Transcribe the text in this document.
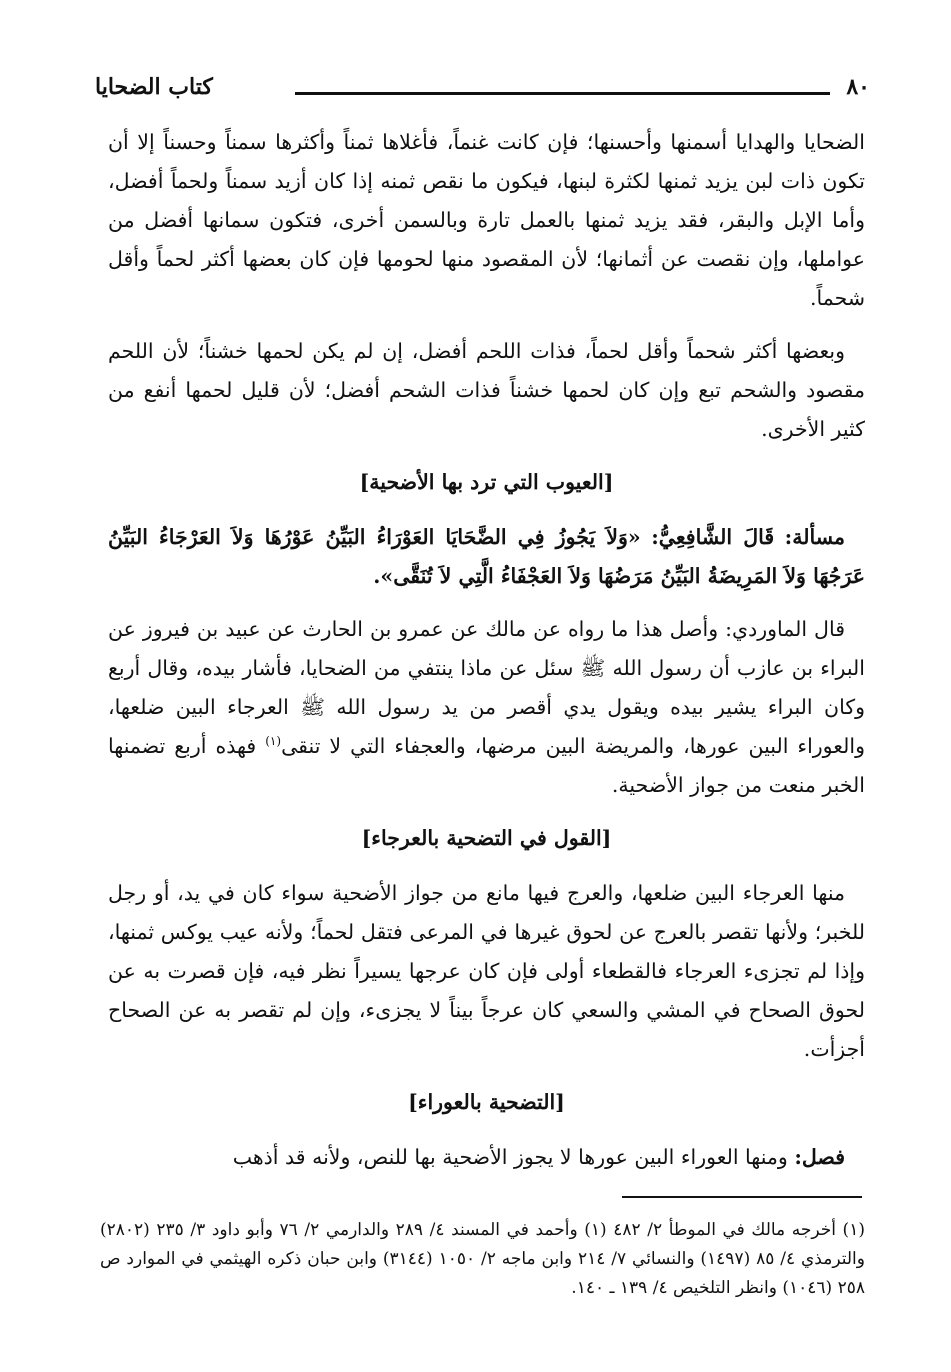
٨٠
كتاب الضحايا

الضحايا والهدايا أسمنها وأحسنها؛ فإن كانت غنماً، فأغلاها ثمناً وأكثرها سمناً وحسناً إلا أن تكون ذات لبن يزيد ثمنها لكثرة لبنها، فيكون ما نقص ثمنه إذا كان أزيد سمناً ولحماً أفضل، وأما الإبل والبقر، فقد يزيد ثمنها بالعمل تارة وبالسمن أخرى، فتكون سمانها أفضل من عواملها، وإن نقصت عن أثمانها؛ لأن المقصود منها لحومها فإن كان بعضها أكثر لحماً وأقل شحماً.

وبعضها أكثر شحماً وأقل لحماً، فذات اللحم أفضل، إن لم يكن لحمها خشناً؛ لأن اللحم مقصود والشحم تبع وإن كان لحمها خشناً فذات الشحم أفضل؛ لأن قليل لحمها أنفع من كثير الأخرى.

[العيوب التي ترد بها الأضحية]

مسألة: قَالَ الشَّافِعِيُّ: «وَلاَ يَجُوزُ فِي الضَّحَايَا العَوْرَاءُ البَيِّنُ عَوْرُهَا وَلاَ العَرْجَاءُ البَيِّنُ عَرَجُهَا وَلاَ المَرِيضَةُ البَيِّنُ مَرَضُهَا وَلاَ العَجْفَاءُ الَّتِي لاَ تُنَقَّى».

قال الماوردي: وأصل هذا ما رواه عن مالك عن عمرو بن الحارث عن عبيد بن فيروز عن البراء بن عازب أن رسول الله ﷺ سئل عن ماذا ينتفي من الضحايا، فأشار بيده، وقال أربع وكان البراء يشير بيده ويقول يدي أقصر من يد رسول الله ﷺ العرجاء البين ضلعها، والعوراء البين عورها، والمريضة البين مرضها، والعجفاء التي لا تنقى$^{(١)}$ فهذه أربع تضمنها الخبر منعت من جواز الأضحية.

[القول في التضحية بالعرجاء]

منها العرجاء البين ضلعها، والعرج فيها مانع من جواز الأضحية سواء كان في يد، أو رجل للخبر؛ ولأنها تقصر بالعرج عن لحوق غيرها في المرعى فتقل لحماً؛ ولأنه عيب يوكس ثمنها، وإذا لم تجزىء العرجاء فالقطعاء أولى فإن كان عرجها يسيراً نظر فيه، فإن قصرت به عن لحوق الصحاح في المشي والسعي كان عرجاً بيناً لا يجزىء، وإن لم تقصر به عن الصحاح أجزأت.

[التضحية بالعوراء]

فصل: ومنها العوراء البين عورها لا يجوز الأضحية بها للنص، ولأنه قد أذهب

(١) أخرجه مالك في الموطأ ٢/ ٤٨٢ (١) وأحمد في المسند ٤/ ٢٨٩ والدارمي ٢/ ٧٦ وأبو داود ٣/ ٢٣٥ (٢٨٠٢) والترمذي ٤/ ٨٥ (١٤٩٧) والنسائي ٧/ ٢١٤ وابن ماجه ٢/ ١٠٥٠ (٣١٤٤) وابن حبان ذكره الهيثمي في الموارد ص ٢٥٨ (١٠٤٦) وانظر التلخيص ٤/ ١٣٩ ـ ١٤٠.
